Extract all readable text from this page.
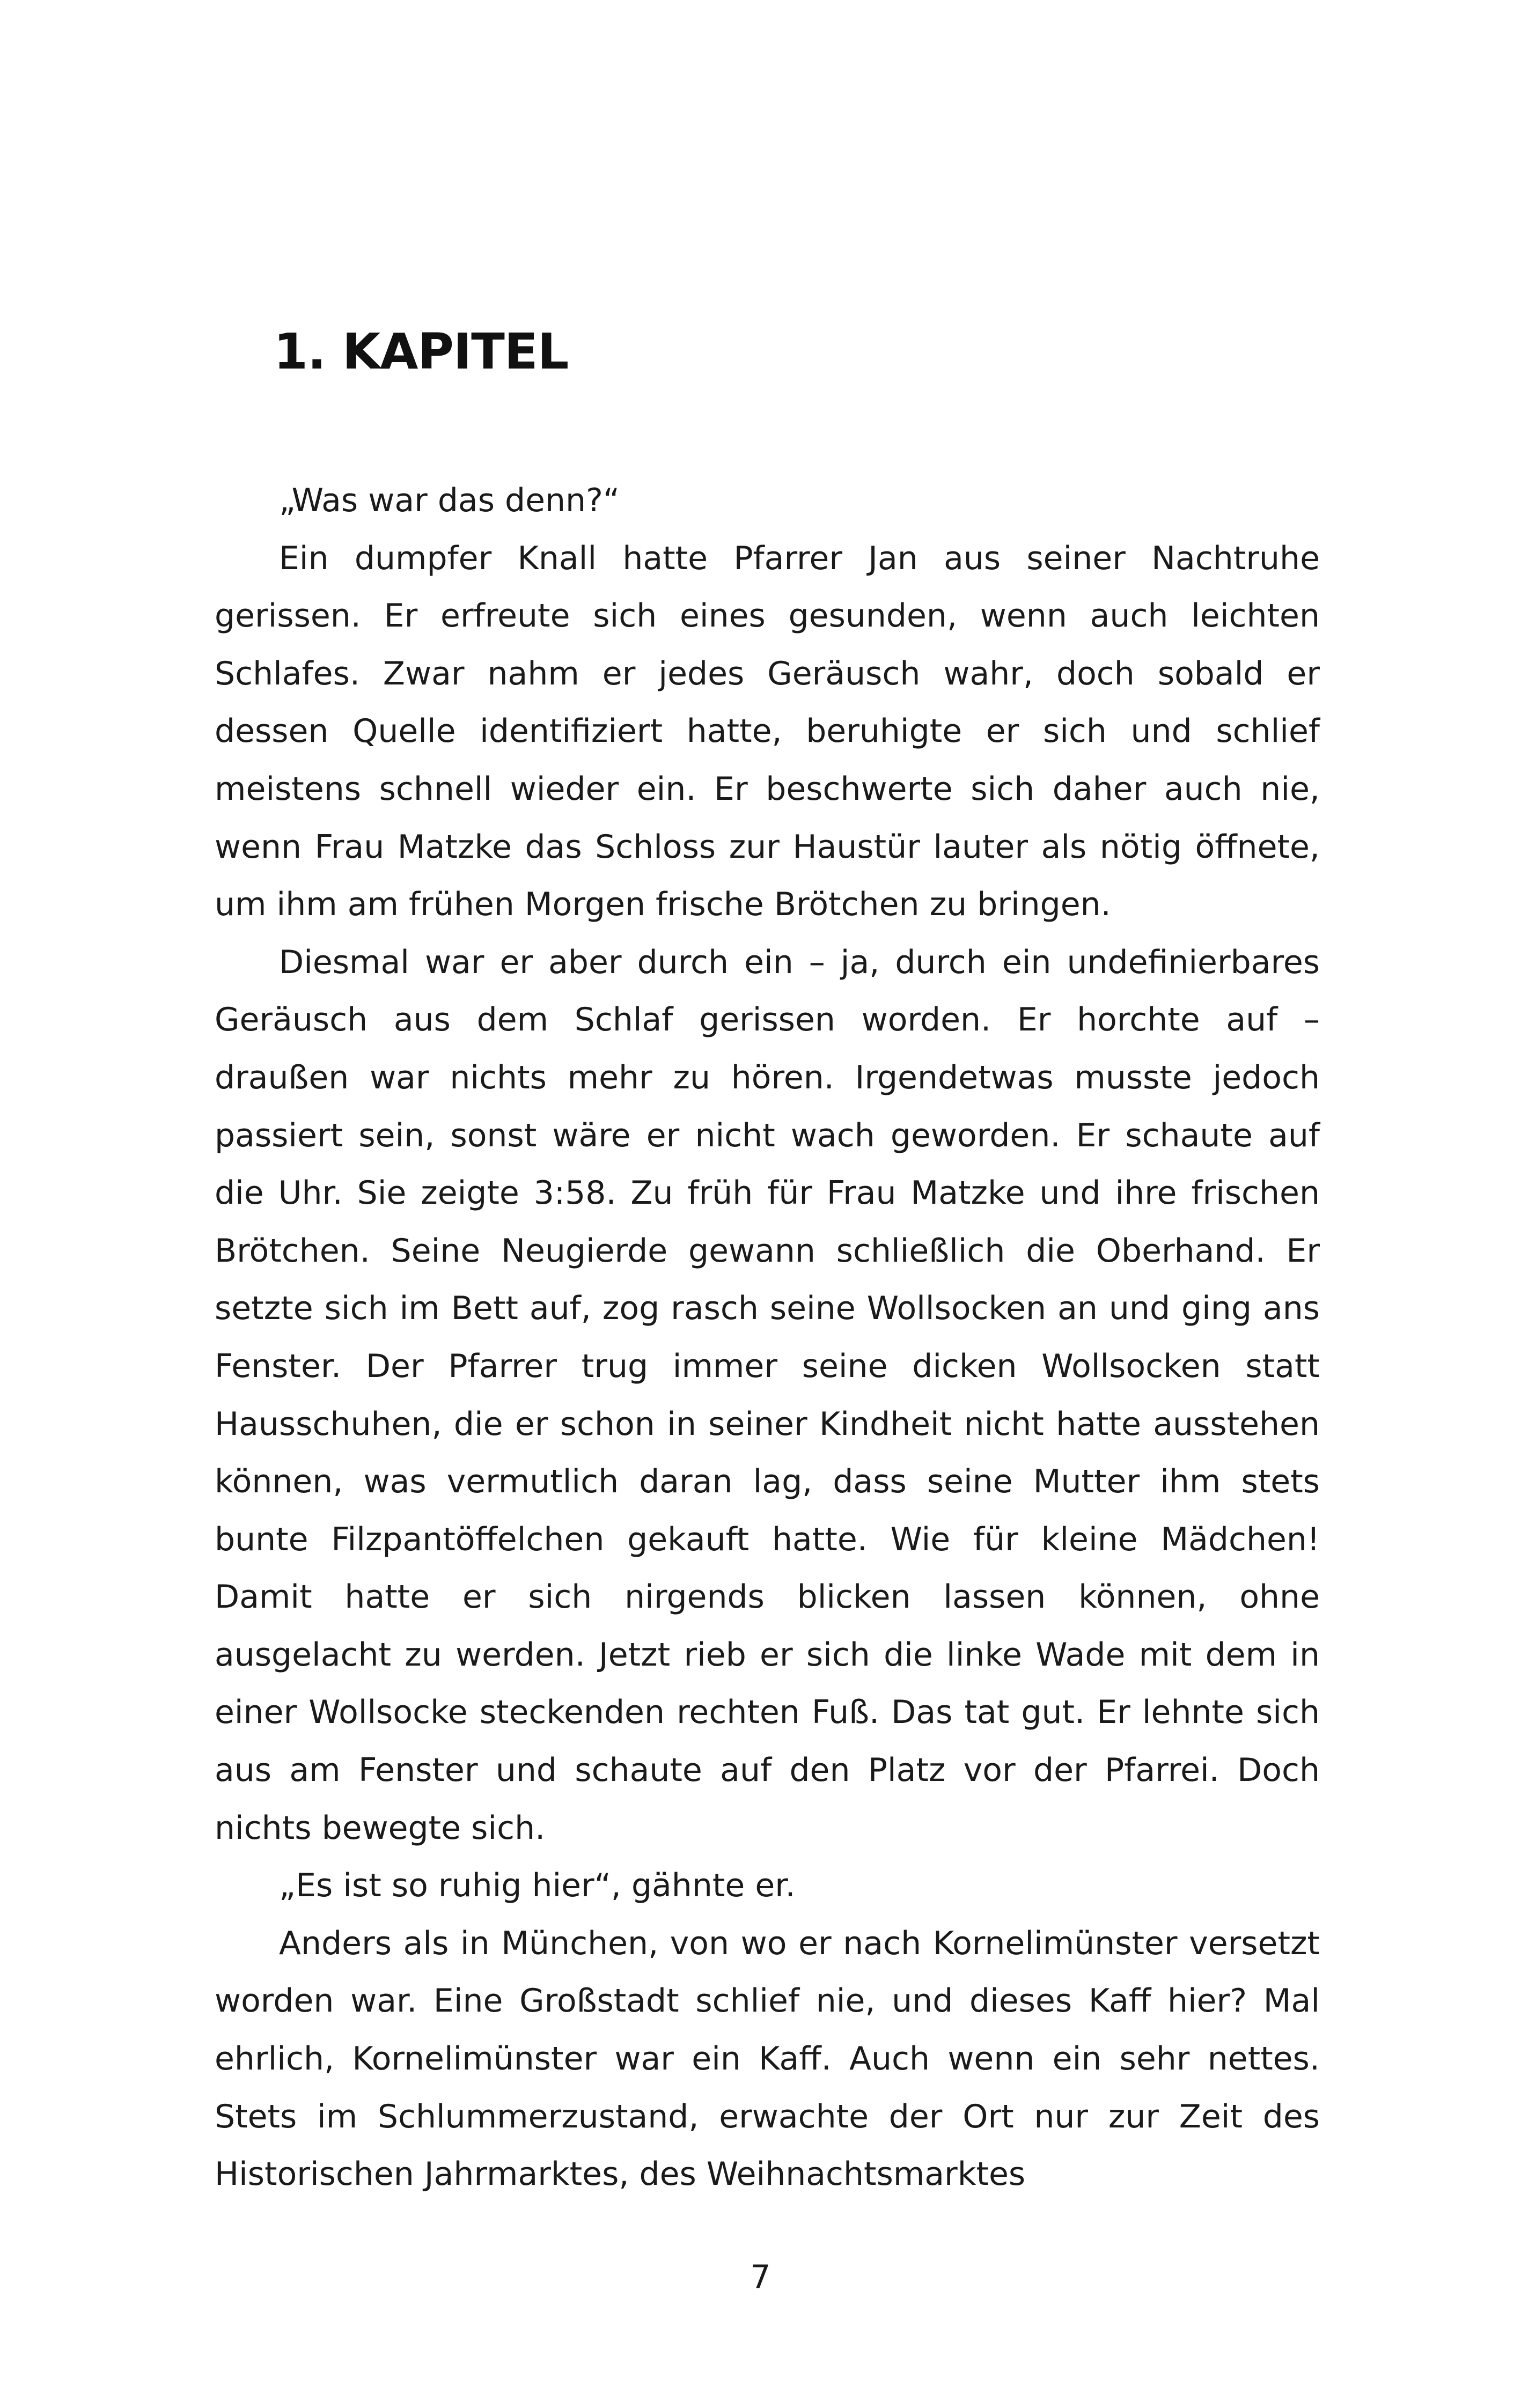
1. KAPITEL

„Was war das denn?“

Ein dumpfer Knall hatte Pfarrer Jan aus seiner Nachtruhe gerissen. Er erfreute sich eines gesunden, wenn auch leichten Schlafes. Zwar nahm er jedes Geräusch wahr, doch sobald er dessen Quelle identifiziert hatte, beruhigte er sich und schlief meistens schnell wieder ein. Er beschwerte sich daher auch nie, wenn Frau Matzke das Schloss zur Haustür lauter als nötig öffnete, um ihm am frühen Morgen frische Brötchen zu bringen.

Diesmal war er aber durch ein – ja, durch ein undefinierbares Geräusch aus dem Schlaf gerissen worden. Er horchte auf – draußen war nichts mehr zu hören. Irgendetwas musste jedoch passiert sein, sonst wäre er nicht wach geworden. Er schaute auf die Uhr. Sie zeigte 3:58. Zu früh für Frau Matzke und ihre frischen Brötchen. Seine Neugierde gewann schließlich die Oberhand. Er setzte sich im Bett auf, zog rasch seine Wollsocken an und ging ans Fenster. Der Pfarrer trug immer seine dicken Wollsocken statt Hausschuhen, die er schon in seiner Kindheit nicht hatte ausstehen können, was vermutlich daran lag, dass seine Mutter ihm stets bunte Filzpantöffelchen gekauft hatte. Wie für kleine Mädchen! Damit hatte er sich nirgends blicken lassen können, ohne ausgelacht zu werden. Jetzt rieb er sich die linke Wade mit dem in einer Wollsocke steckenden rechten Fuß. Das tat gut. Er lehnte sich aus am Fenster und schaute auf den Platz vor der Pfarrei. Doch nichts bewegte sich.

„Es ist so ruhig hier“, gähnte er.

Anders als in München, von wo er nach Kornelimünster versetzt worden war. Eine Großstadt schlief nie, und dieses Kaff hier? Mal ehrlich, Kornelimünster war ein Kaff. Auch wenn ein sehr nettes. Stets im Schlummerzustand, erwachte der Ort nur zur Zeit des Historischen Jahrmarktes, des Weihnachtsmarktes

7
